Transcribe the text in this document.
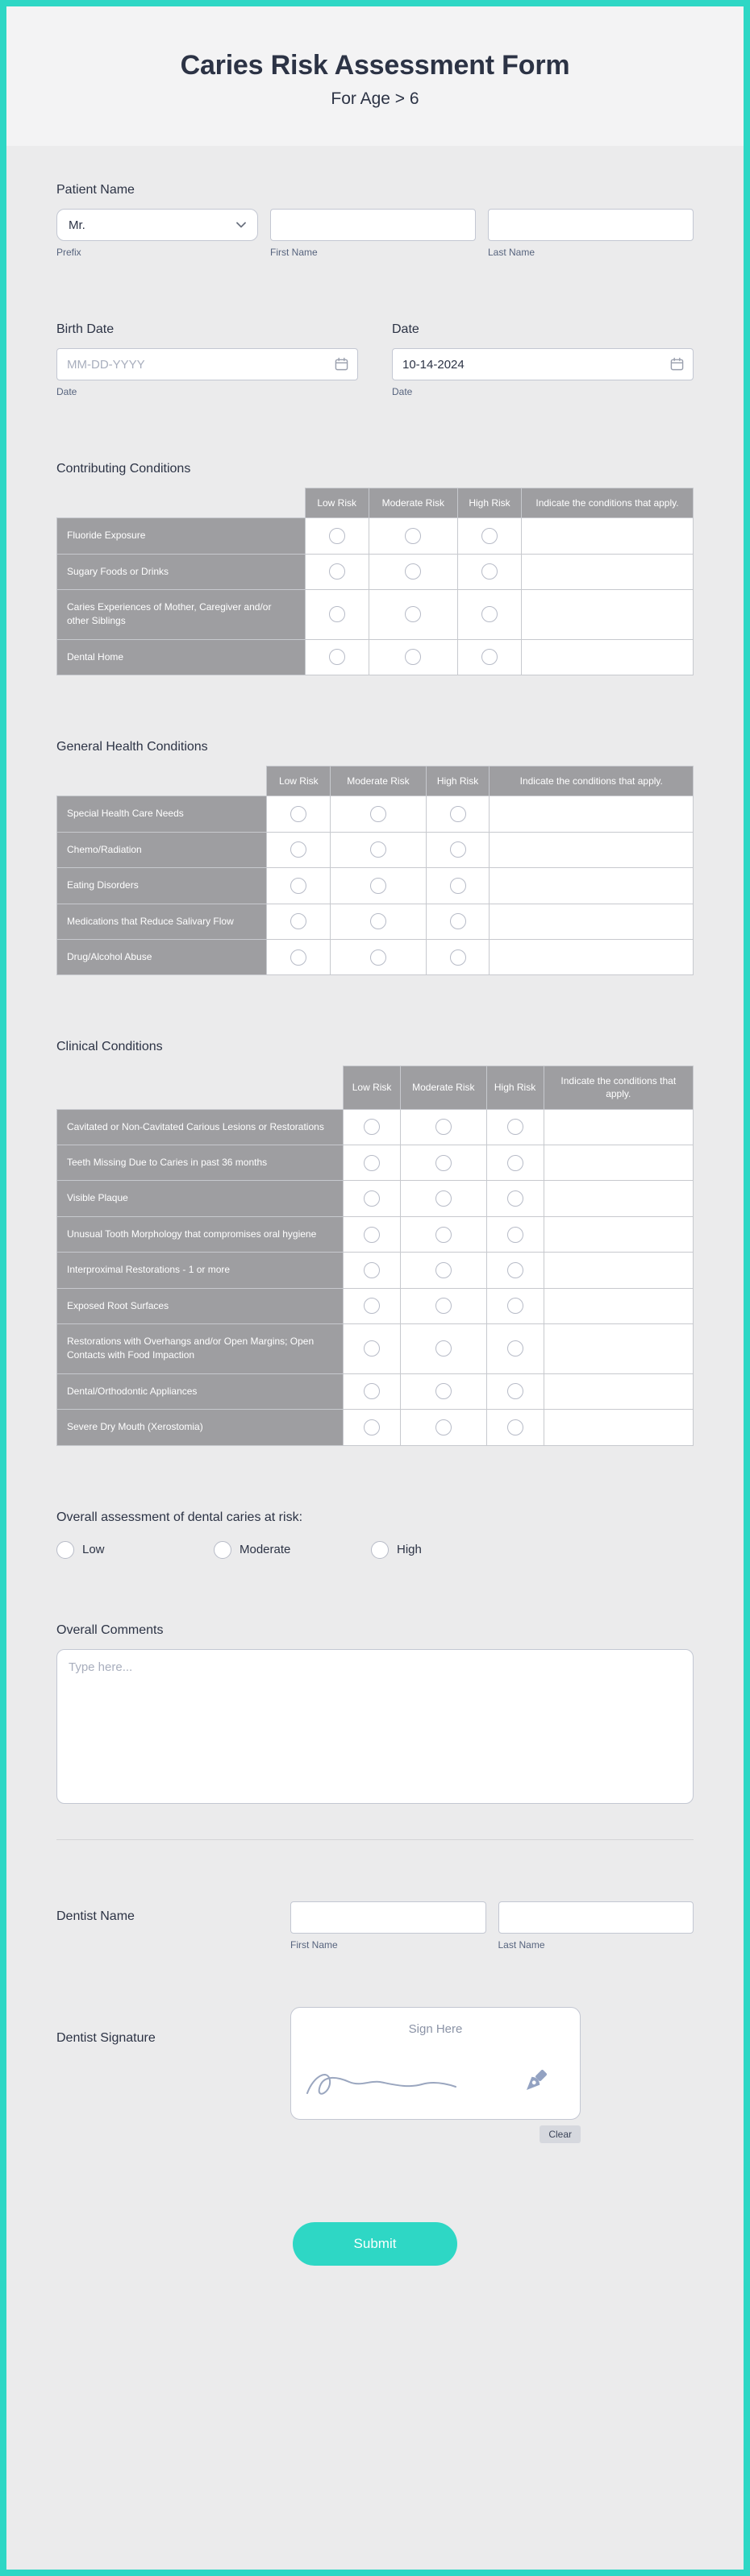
Caries Risk Assessment Form
For Age > 6
Patient Name
Mr.
Prefix	First Name	Last Name
Birth Date
MM-DD-YYYY
Date
Date
10-14-2024
Date
Contributing Conditions
	Low Risk	Moderate Risk	High Risk	Indicate the conditions that apply.
Fluoride Exposure				
Sugary Foods or Drinks				
Caries Experiences of Mother, Caregiver and/or other Siblings				
Dental Home				
General Health Conditions
	Low Risk	Moderate Risk	High Risk	Indicate the conditions that apply.
Special Health Care Needs				
Chemo/Radiation				
Eating Disorders				
Medications that Reduce Salivary Flow				
Drug/Alcohol Abuse				
Clinical Conditions
	Low Risk	Moderate Risk	High Risk	Indicate the conditions that apply.
Cavitated or Non-Cavitated Carious Lesions or Restorations				
Teeth Missing Due to Caries in past 36 months				
Visible Plaque				
Unusual Tooth Morphology that compromises oral hygiene				
Interproximal Restorations - 1 or more				
Exposed Root Surfaces				
Restorations with Overhangs and/or Open Margins; Open Contacts with Food Impaction				
Dental/Orthodontic Appliances				
Severe Dry Mouth (Xerostomia)				
Overall assessment of dental caries at risk:
Low	Moderate	High
Overall Comments
Type here...
Dentist Name
First Name	Last Name
Dentist Signature
Sign Here
Clear
Submit
